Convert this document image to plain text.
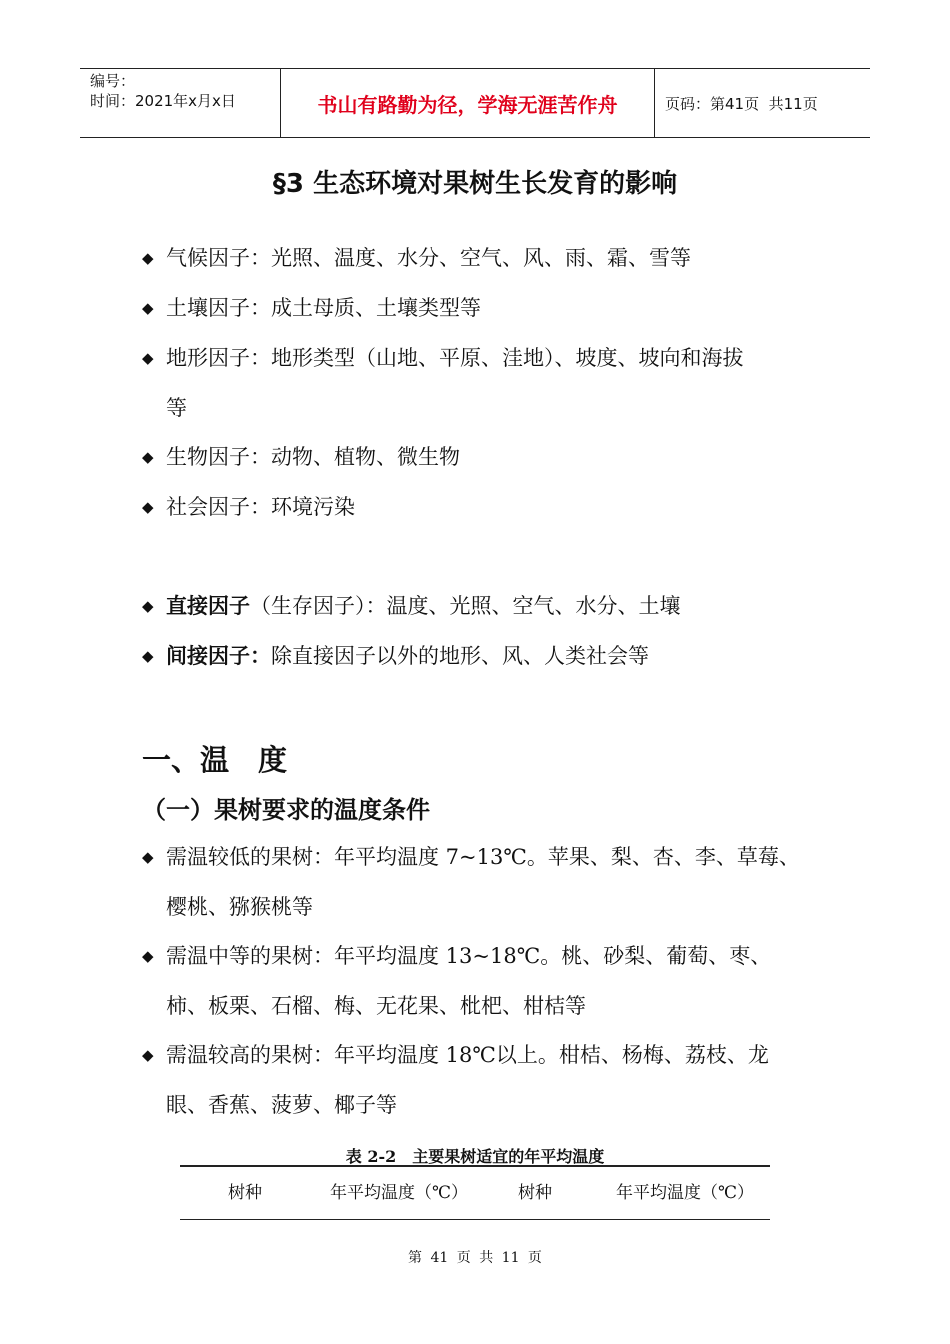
编号：
时间：2021年x月x日	书山有路勤为径，学海无涯苦作舟	页码：第41页  共11页
§3 生态环境对果树生长发育的影响
◆ 气候因子：光照、温度、水分、空气、风、雨、霜、雪等
◆ 土壤因子：成土母质、土壤类型等
◆ 地形因子：地形类型（山地、平原、洼地）、坡度、坡向和海拔
等
◆ 生物因子：动物、植物、微生物
◆ 社会因子：环境污染
◆ 直接因子（生存因子）：温度、光照、空气、水分、土壤
◆ 间接因子：除直接因子以外的地形、风、人类社会等
一、温　度
（一）果树要求的温度条件
◆ 需温较低的果树：年平均温度 7~13℃。苹果、梨、杏、李、草莓、
樱桃、猕猴桃等
◆ 需温中等的果树：年平均温度 13~18℃。桃、砂梨、葡萄、枣、
柿、板栗、石榴、梅、无花果、枇杷、柑桔等
◆ 需温较高的果树：年平均温度 18℃以上。柑桔、杨梅、荔枝、龙
眼、香蕉、菠萝、椰子等
表 2-2　主要果树适宜的年平均温度
树种	年平均温度（℃）	树种	年平均温度（℃）
第 41 页 共 11 页
